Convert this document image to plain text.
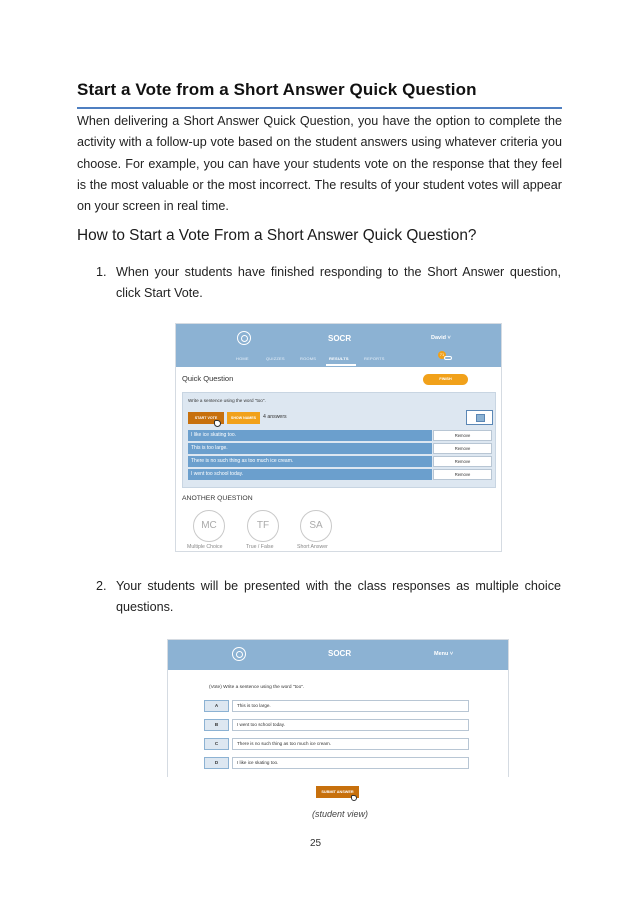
Start a Vote from a Short Answer Quick Question

When delivering a Short Answer Quick Question, you have the option to complete the activity with a follow-up vote based on the student answers using whatever criteria you choose. For example, you can have your students vote on the response that they feel is the most valuable or the most incorrect. The results of your student votes will appear on your screen in real time.

How to Start a Vote From a Short Answer Quick Question?
1. When your students have finished responding to the Short Answer question, click Start Vote.
SOCR	David ˅
HOME	QUIZZES	ROOMS	RESULTS	REPORTS
71
Quick Question	FINISH
Write a sentence using the word "too".
START VOTE	SHOW NAMES	4 answers
I like ice skating too.	Remove
This is too large.	Remove
There is no such thing as too much ice cream.	Remove
I went too school today.	Remove
ANOTHER QUESTION
MC	TF	SA
Multiple Choice	True / False	Short Answer
2. Your students will be presented with the class responses as multiple choice questions.
SOCR	Menu ˅
(Vote) Write a sentence using the word "too".
A	This is too large.
B	I went too school today.
C	There is no such thing as too much ice cream.
D	I like ice skating too.
SUBMIT ANSWER
(student view)
25
